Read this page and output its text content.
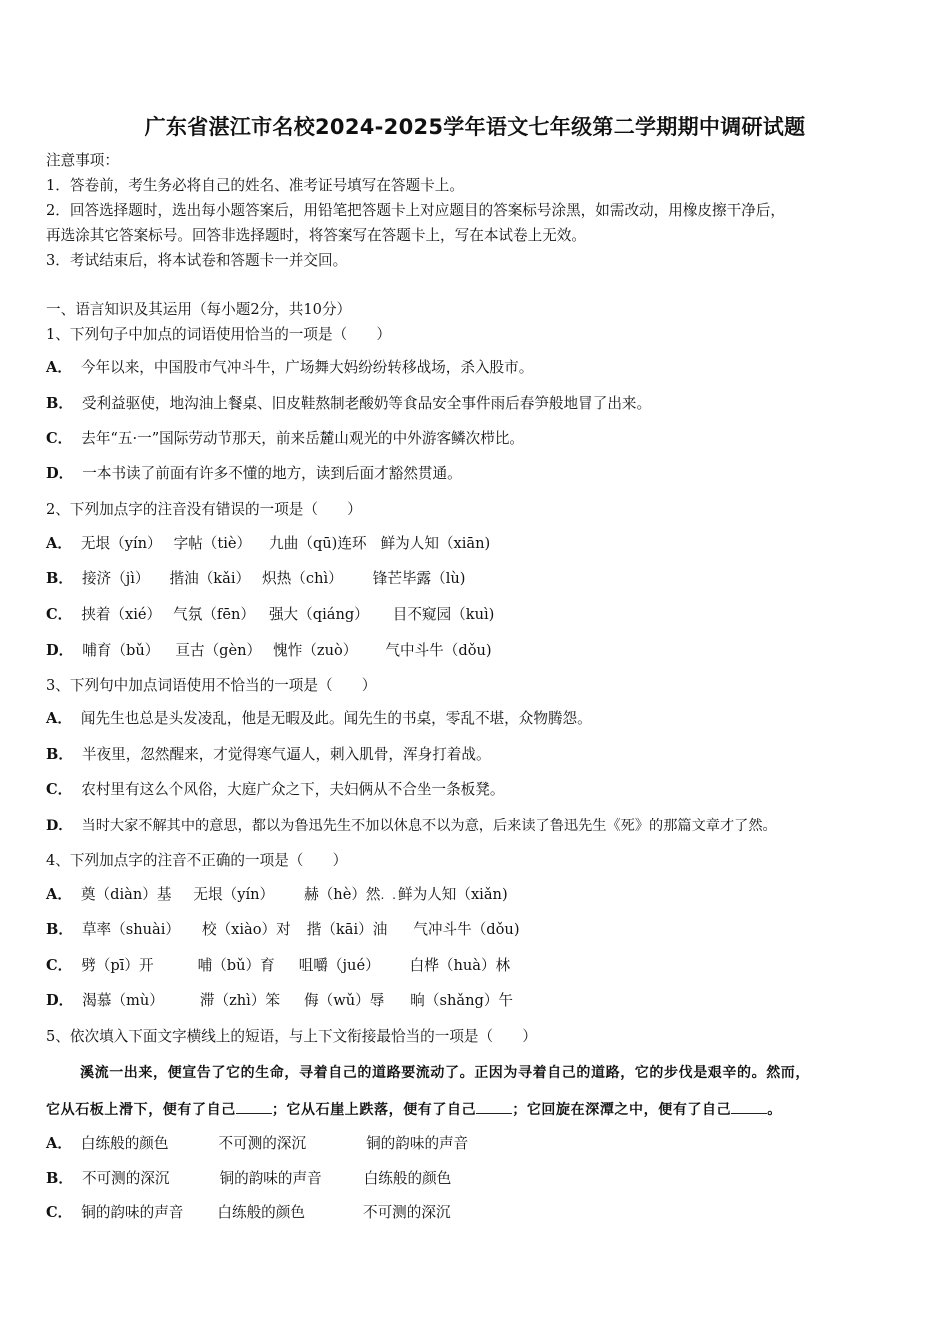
广东省湛江市名校2024-2025学年语文七年级第二学期期中调研试题
注意事项：
1．答卷前，考生务必将自己的姓名、准考证号填写在答题卡上。
2．回答选择题时，选出每小题答案后，用铅笔把答题卡上对应题目的答案标号涂黑，如需改动，用橡皮擦干净后，
再选涂其它答案标号。回答非选择题时，将答案写在答题卡上，写在本试卷上无效。
3．考试结束后，将本试卷和答题卡一并交回。
一、语言知识及其运用（每小题2分，共10分）
1、下列句子中加点的词语使用恰当的一项是（　　）
A． 今年以来，中国股市气冲斗牛，广场舞大妈纷纷转移战场，杀入股市。
B． 受利益驱使，地沟油上餐桌、旧皮鞋熬制老酸奶等食品安全事件雨后春笋般地冒了出来。
C． 去年“五·一”国际劳动节那天，前来岳麓山观光的中外游客鳞次栉比。
D． 一本书读了前面有许多不懂的地方，读到后面才豁然贯通。
2、下列加点字的注音没有错误的一项是（　　）
A． 无垠（yín） 字帖（tiè） 九曲（qū)连环 鲜为人知（xiān)
B． 接济（jì） 揩油（kǎi） 炽热（chì） 锋芒毕露（lù)
C． 挟着（xié） 气氛（fēn） 强大（qiáng） 目不窥园（kuì)
D． 哺育（bǔ） 亘古（gèn） 愧怍（zuò） 气中斗牛（dǒu)
3、下列句中加点词语使用不恰当的一项是（　　）
A． 闻先生也总是头发凌乱，他是无暇及此。闻先生的书桌，零乱不堪，众物腾怨。
B． 半夜里，忽然醒来，才觉得寒气逼人，刺入肌骨，浑身打着战。
C． 农村里有这么个风俗，大庭广众之下，夫妇俩从不合坐一条板凳。
D． 当时大家不解其中的意思，都以为鲁迅先生不加以休息不以为意，后来读了鲁迅先生《死》的那篇文章才了然。
4、下列加点字的注音不正确的一项是（　　）
A． 奠（diàn）基 无垠（yín） 赫（hè）然. .鲜为人知（xiǎn)
B． 草率（shuài） 校（xiào）对 揩（kāi）油 气冲斗牛（dǒu)
C． 劈（pī）开	哺（bǔ）育 咀嚼（jué） 白桦（huà）林
D． 渴慕（mù） 滞（zhì）笨 侮（wǔ）辱 晌（shǎng）午
5、依次填入下面文字横线上的短语，与上下文衔接最恰当的一项是（　　）
溪流一出来，便宣告了它的生命，寻着自己的道路要流动了。正因为寻着自己的道路，它的步伐是艰辛的。然而，
它从石板上滑下，便有了自己	；它从石崖上跌落，便有了自己	；它回旋在深潭之中，便有了自己	。
A． 白练般的颜色	不可测的深沉	铜的韵味的声音
B． 不可测的深沉	铜的韵味的声音	白练般的颜色
C． 铜的韵味的声音 白练般的颜色	不可测的深沉
